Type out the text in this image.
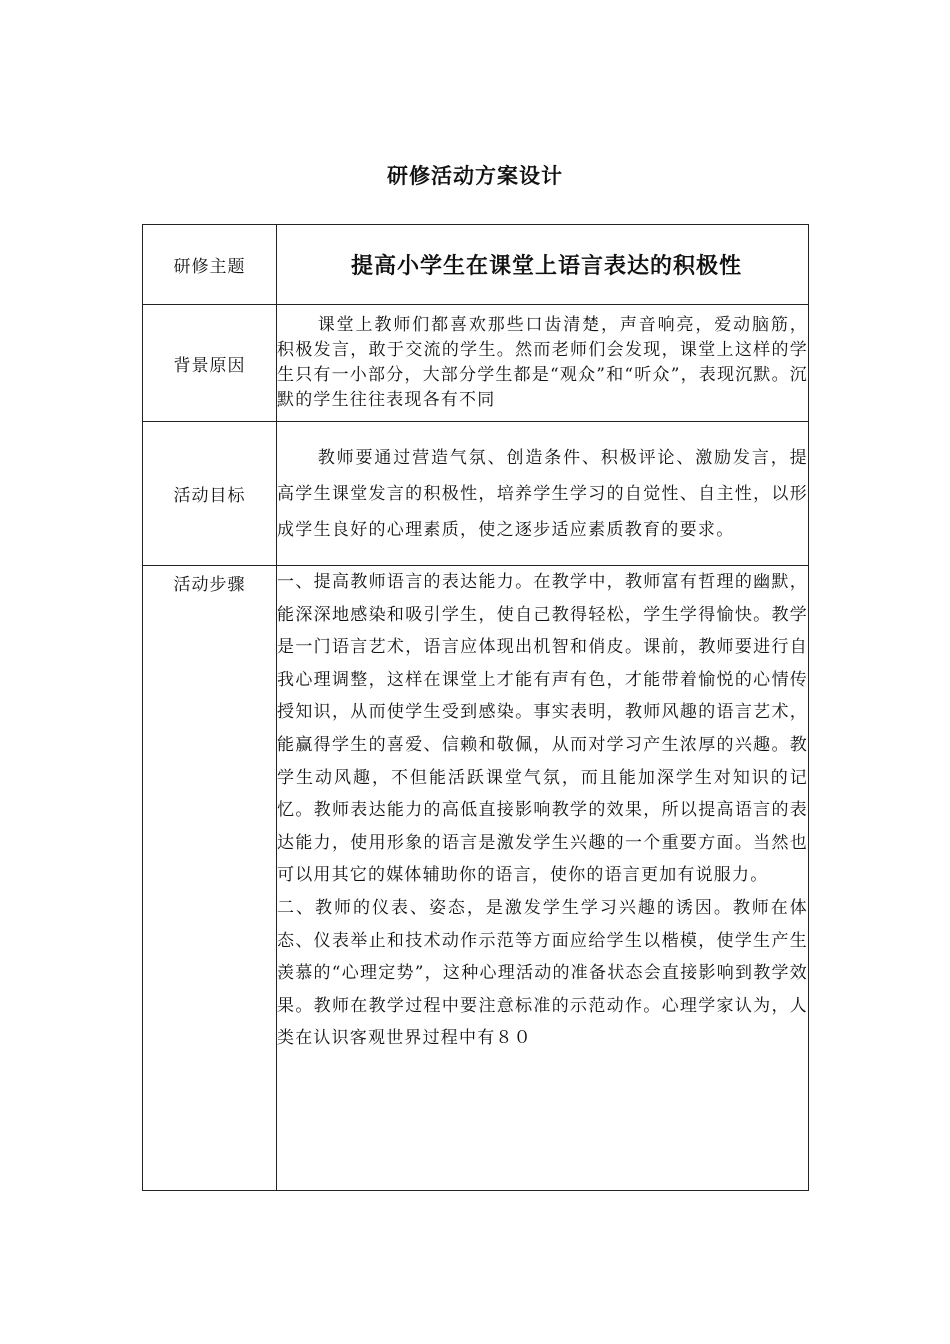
研修活动方案设计
研修主题	提高小学生在课堂上语言表达的积极性

背景原因	课堂上教师们都喜欢那些口齿清楚，声音响亮，爱动脑筋，积极发言，敢于交流的学生。然而老师们会发现，课堂上这样的学生只有一小部分，大部分学生都是“观众”和“听众”，表现沉默。沉默的学生往往表现各有不同

活动目标	教师要通过营造气氛、创造条件、积极评论、激励发言，提高学生课堂发言的积极性，培养学生学习的自觉性、自主性，以形成学生良好的心理素质，使之逐步适应素质教育的要求。

活动步骤	一、提高教师语言的表达能力。在教学中，教师富有哲理的幽默，能深深地感染和吸引学生，使自己教得轻松，学生学得愉快。教学是一门语言艺术，语言应体现出机智和俏皮。课前，教师要进行自我心理调整，这样在课堂上才能有声有色，才能带着愉悦的心情传授知识，从而使学生受到感染。事实表明，教师风趣的语言艺术，能赢得学生的喜爱、信赖和敬佩，从而对学习产生浓厚的兴趣。教学生动风趣，不但能活跃课堂气氛，而且能加深学生对知识的记忆。教师表达能力的高低直接影响教学的效果，所以提高语言的表达能力，使用形象的语言是激发学生兴趣的一个重要方面。当然也可以用其它的媒体辅助你的语言，使你的语言更加有说服力。

二、教师的仪表、姿态，是激发学生学习兴趣的诱因。教师在体态、仪表举止和技术动作示范等方面应给学生以楷模，使学生产生羡慕的“心理定势”，这种心理活动的准备状态会直接影响到教学效果。教师在教学过程中要注意标准的示范动作。心理学家认为，人类在认识客观世界过程中有８０
